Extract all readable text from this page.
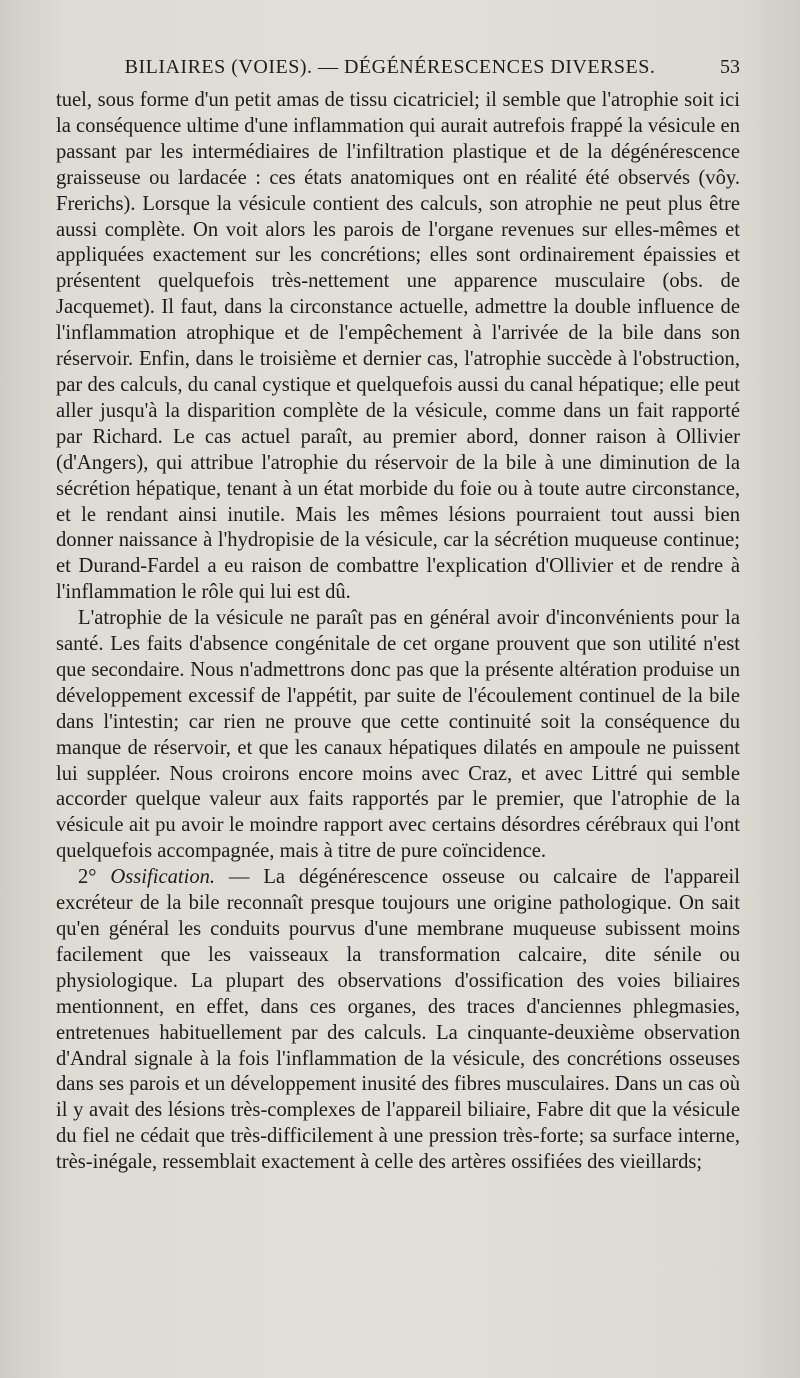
BILIAIRES (VOIES). — DÉGÉNÉRESCENCES DIVERSES.	53

tuel, sous forme d'un petit amas de tissu cicatriciel; il semble que l'atrophie soit ici la conséquence ultime d'une inflammation qui aurait autrefois frappé la vésicule en passant par les intermédiaires de l'infiltration plastique et de la dégénérescence graisseuse ou lardacée : ces états anatomiques ont en réalité été observés (vôy. Frerichs). Lorsque la vésicule contient des calculs, son atrophie ne peut plus être aussi complète. On voit alors les parois de l'organe revenues sur elles-mêmes et appliquées exactement sur les concrétions; elles sont ordinairement épaissies et présentent quelquefois très-nettement une apparence musculaire (obs. de Jacquemet). Il faut, dans la circonstance actuelle, admettre la double influence de l'inflammation atrophique et de l'empêchement à l'arrivée de la bile dans son réservoir. Enfin, dans le troisième et dernier cas, l'atrophie succède à l'obstruction, par des calculs, du canal cystique et quelquefois aussi du canal hépatique; elle peut aller jusqu'à la disparition complète de la vésicule, comme dans un fait rapporté par Richard. Le cas actuel paraît, au premier abord, donner raison à Ollivier (d'Angers), qui attribue l'atrophie du réservoir de la bile à une diminution de la sécrétion hépatique, tenant à un état morbide du foie ou à toute autre circonstance, et le rendant ainsi inutile. Mais les mêmes lésions pourraient tout aussi bien donner naissance à l'hydropisie de la vésicule, car la sécrétion muqueuse continue; et Durand-Fardel a eu raison de combattre l'explication d'Ollivier et de rendre à l'inflammation le rôle qui lui est dû.

L'atrophie de la vésicule ne paraît pas en général avoir d'inconvénients pour la santé. Les faits d'absence congénitale de cet organe prouvent que son utilité n'est que secondaire. Nous n'admettrons donc pas que la présente altération produise un développement excessif de l'appétit, par suite de l'écoulement continuel de la bile dans l'intestin; car rien ne prouve que cette continuité soit la conséquence du manque de réservoir, et que les canaux hépatiques dilatés en ampoule ne puissent lui suppléer. Nous croirons encore moins avec Craz, et avec Littré qui semble accorder quelque valeur aux faits rapportés par le premier, que l'atrophie de la vésicule ait pu avoir le moindre rapport avec certains désordres cérébraux qui l'ont quelquefois accompagnée, mais à titre de pure coïncidence.

2° Ossification. — La dégénérescence osseuse ou calcaire de l'appareil excréteur de la bile reconnaît presque toujours une origine pathologique. On sait qu'en général les conduits pourvus d'une membrane muqueuse subissent moins facilement que les vaisseaux la transformation calcaire, dite sénile ou physiologique. La plupart des observations d'ossification des voies biliaires mentionnent, en effet, dans ces organes, des traces d'anciennes phlegmasies, entretenues habituellement par des calculs. La cinquante-deuxième observation d'Andral signale à la fois l'inflammation de la vésicule, des concrétions osseuses dans ses parois et un développement inusité des fibres musculaires. Dans un cas où il y avait des lésions très-complexes de l'appareil biliaire, Fabre dit que la vésicule du fiel ne cédait que très-difficilement à une pression très-forte; sa surface interne, très-inégale, ressemblait exactement à celle des artères ossifiées des vieillards;
